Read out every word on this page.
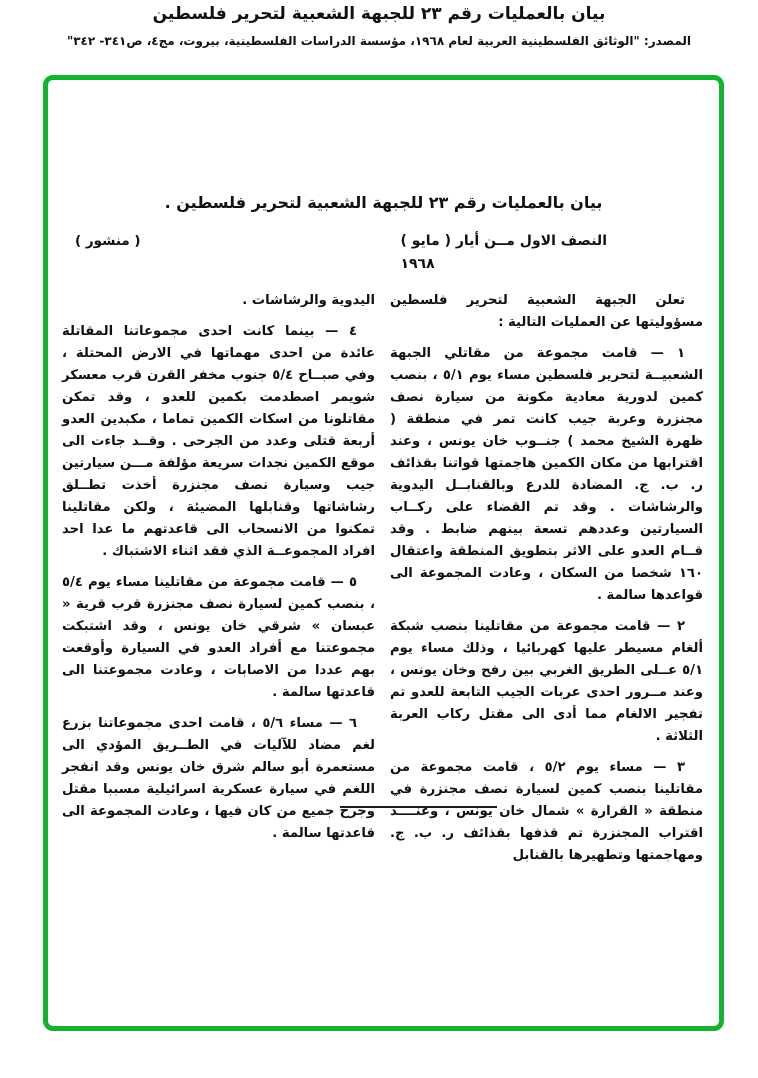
بيان بالعمليات رقم ٢٣ للجبهة الشعبية لتحرير فلسطين
المصدر: "الوثائق الفلسطينية العربية لعام ١٩٦٨، مؤسسة الدراسات الفلسطينية، بيروت، مج٤، ص٣٤١- ٣٤٢"
بيان بالعمليات رقم ٢٣ للجبهة الشعبية لتحرير فلسطين .
( منشور )	النصف الاول مــن أيار ( مايو )
١٩٦٨

تعلن الجبهة الشعبية لتحرير فلسطين مسؤوليتها عن العمليات التالية :

١ — قامت مجموعة من مقاتلي الجبهة الشعبيــة لتحرير فلسطين مساء يوم ٥/١ ، بنصب كمين لدورية معادية مكونة من سيارة نصف مجنزرة وعربة جيب كانت تمر في منطقة ( ظهرة الشيخ محمد ) جنــوب خان يونس ، وعند اقترابها من مكان الكمين هاجمتها قواتنا بقذائف ر. ب. ج. المضادة للدرع وبالقنابــل اليدوية والرشاشات . وقد تم القضاء على ركــاب السيارتين وعددهم تسعة بينهم ضابط . وقد قــام العدو على الاثر بتطويق المنطقة واعتقال ١٦٠ شخصا من السكان ، وعادت المجموعة الى قواعدها سالمة .

٢ — قامت مجموعة من مقاتلينا بنصب شبكة ألغام مسيطر عليها كهربائيا ، وذلك مساء يوم ٥/١ عــلى الطريق الغربي بين رفح وخان يونس ، وعند مــرور احدى عربات الجيب التابعة للعدو تم تفجير الالغام مما أدى الى مقتل ركاب العربة الثلاثة .

٣ — مساء يوم ٥/٢ ، قامت مجموعة من مقاتلينا بنصب كمين لسيارة نصف مجنزرة في منطقة « القرارة » شمال خان يونس ، وعنــــد اقتراب المجنزرة تم قذفها بقذائف ر. ب. ج. ومهاجمتها وتطهيرها بالقنابل

اليدوية والرشاشات .

٤ — بينما كانت احدى مجموعاتنا المقاتلة عائدة من احدى مهماتها في الارض المحتلة ، وفي صبــاح ٥/٤ جنوب مخفر القرن قرب معسكر شويمر اصطدمت بكمين للعدو ، وقد تمكن مقاتلونا من اسكات الكمين تماما ، مكبدين العدو أربعة قتلى وعدد من الجرحى . وقــد جاءت الى موقع الكمين نجدات سريعة مؤلفة مـــن سيارتين جيب وسيارة نصف مجنزرة أخذت تطــلق رشاشاتها وقنابلها المضيئة ، ولكن مقاتلينا تمكنوا من الانسحاب الى قاعدتهم ما عدا احد افراد المجموعــة الذي فقد اثناء الاشتباك .

٥ — قامت مجموعة من مقاتلينا مساء يوم ٥/٤ ، بنصب كمين لسيارة نصف مجنزرة قرب قرية « عبسان » شرقي خان يونس ، وقد اشتبكت مجموعتنا مع أفراد العدو في السيارة وأوقعت بهم عددا من الاصابات ، وعادت مجموعتنا الى قاعدتها سالمة .

٦ — مساء ٥/٦ ، قامت احدى مجموعاتنا بزرع لغم مضاد للآليات في الطــريق المؤدي الى مستعمرة أبو سالم شرق خان يونس وقد انفجر اللغم في سيارة عسكرية اسرائيلية مسببا مقتل وجرح جميع من كان فيها ، وعادت المجموعة الى قاعدتها سالمة .
